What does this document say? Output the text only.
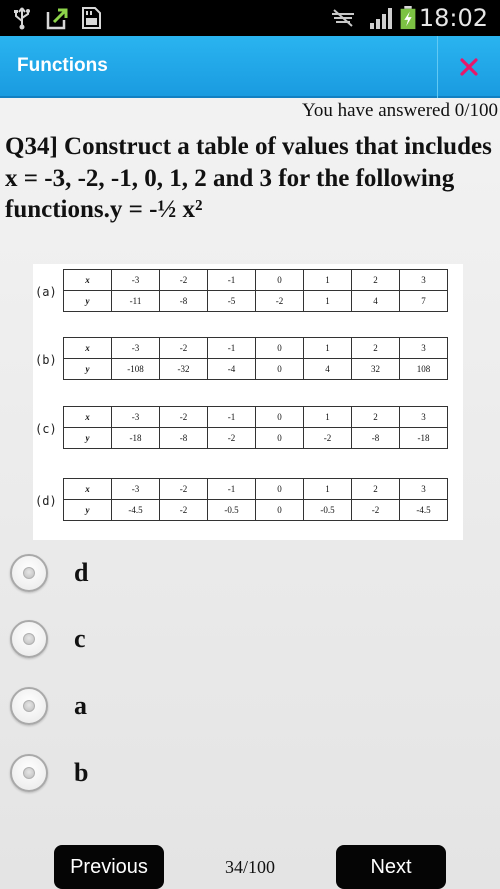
18:02
Functions
You have answered 0/100
Q34] Construct a table of values that includes x = -3, -2, -1, 0, 1, 2 and 3 for the following functions.y = -½ x²
(a)
x	-3	-2	-1	0	1	2	3
y	-11	-8	-5	-2	1	4	7
(b)
x	-3	-2	-1	0	1	2	3
y	-108	-32	-4	0	4	32	108
(c)
x	-3	-2	-1	0	1	2	3
y	-18	-8	-2	0	-2	-8	-18
(d)
x	-3	-2	-1	0	1	2	3
y	-4.5	-2	-0.5	0	-0.5	-2	-4.5
d
c
a
b
Previous	34/100	Next
